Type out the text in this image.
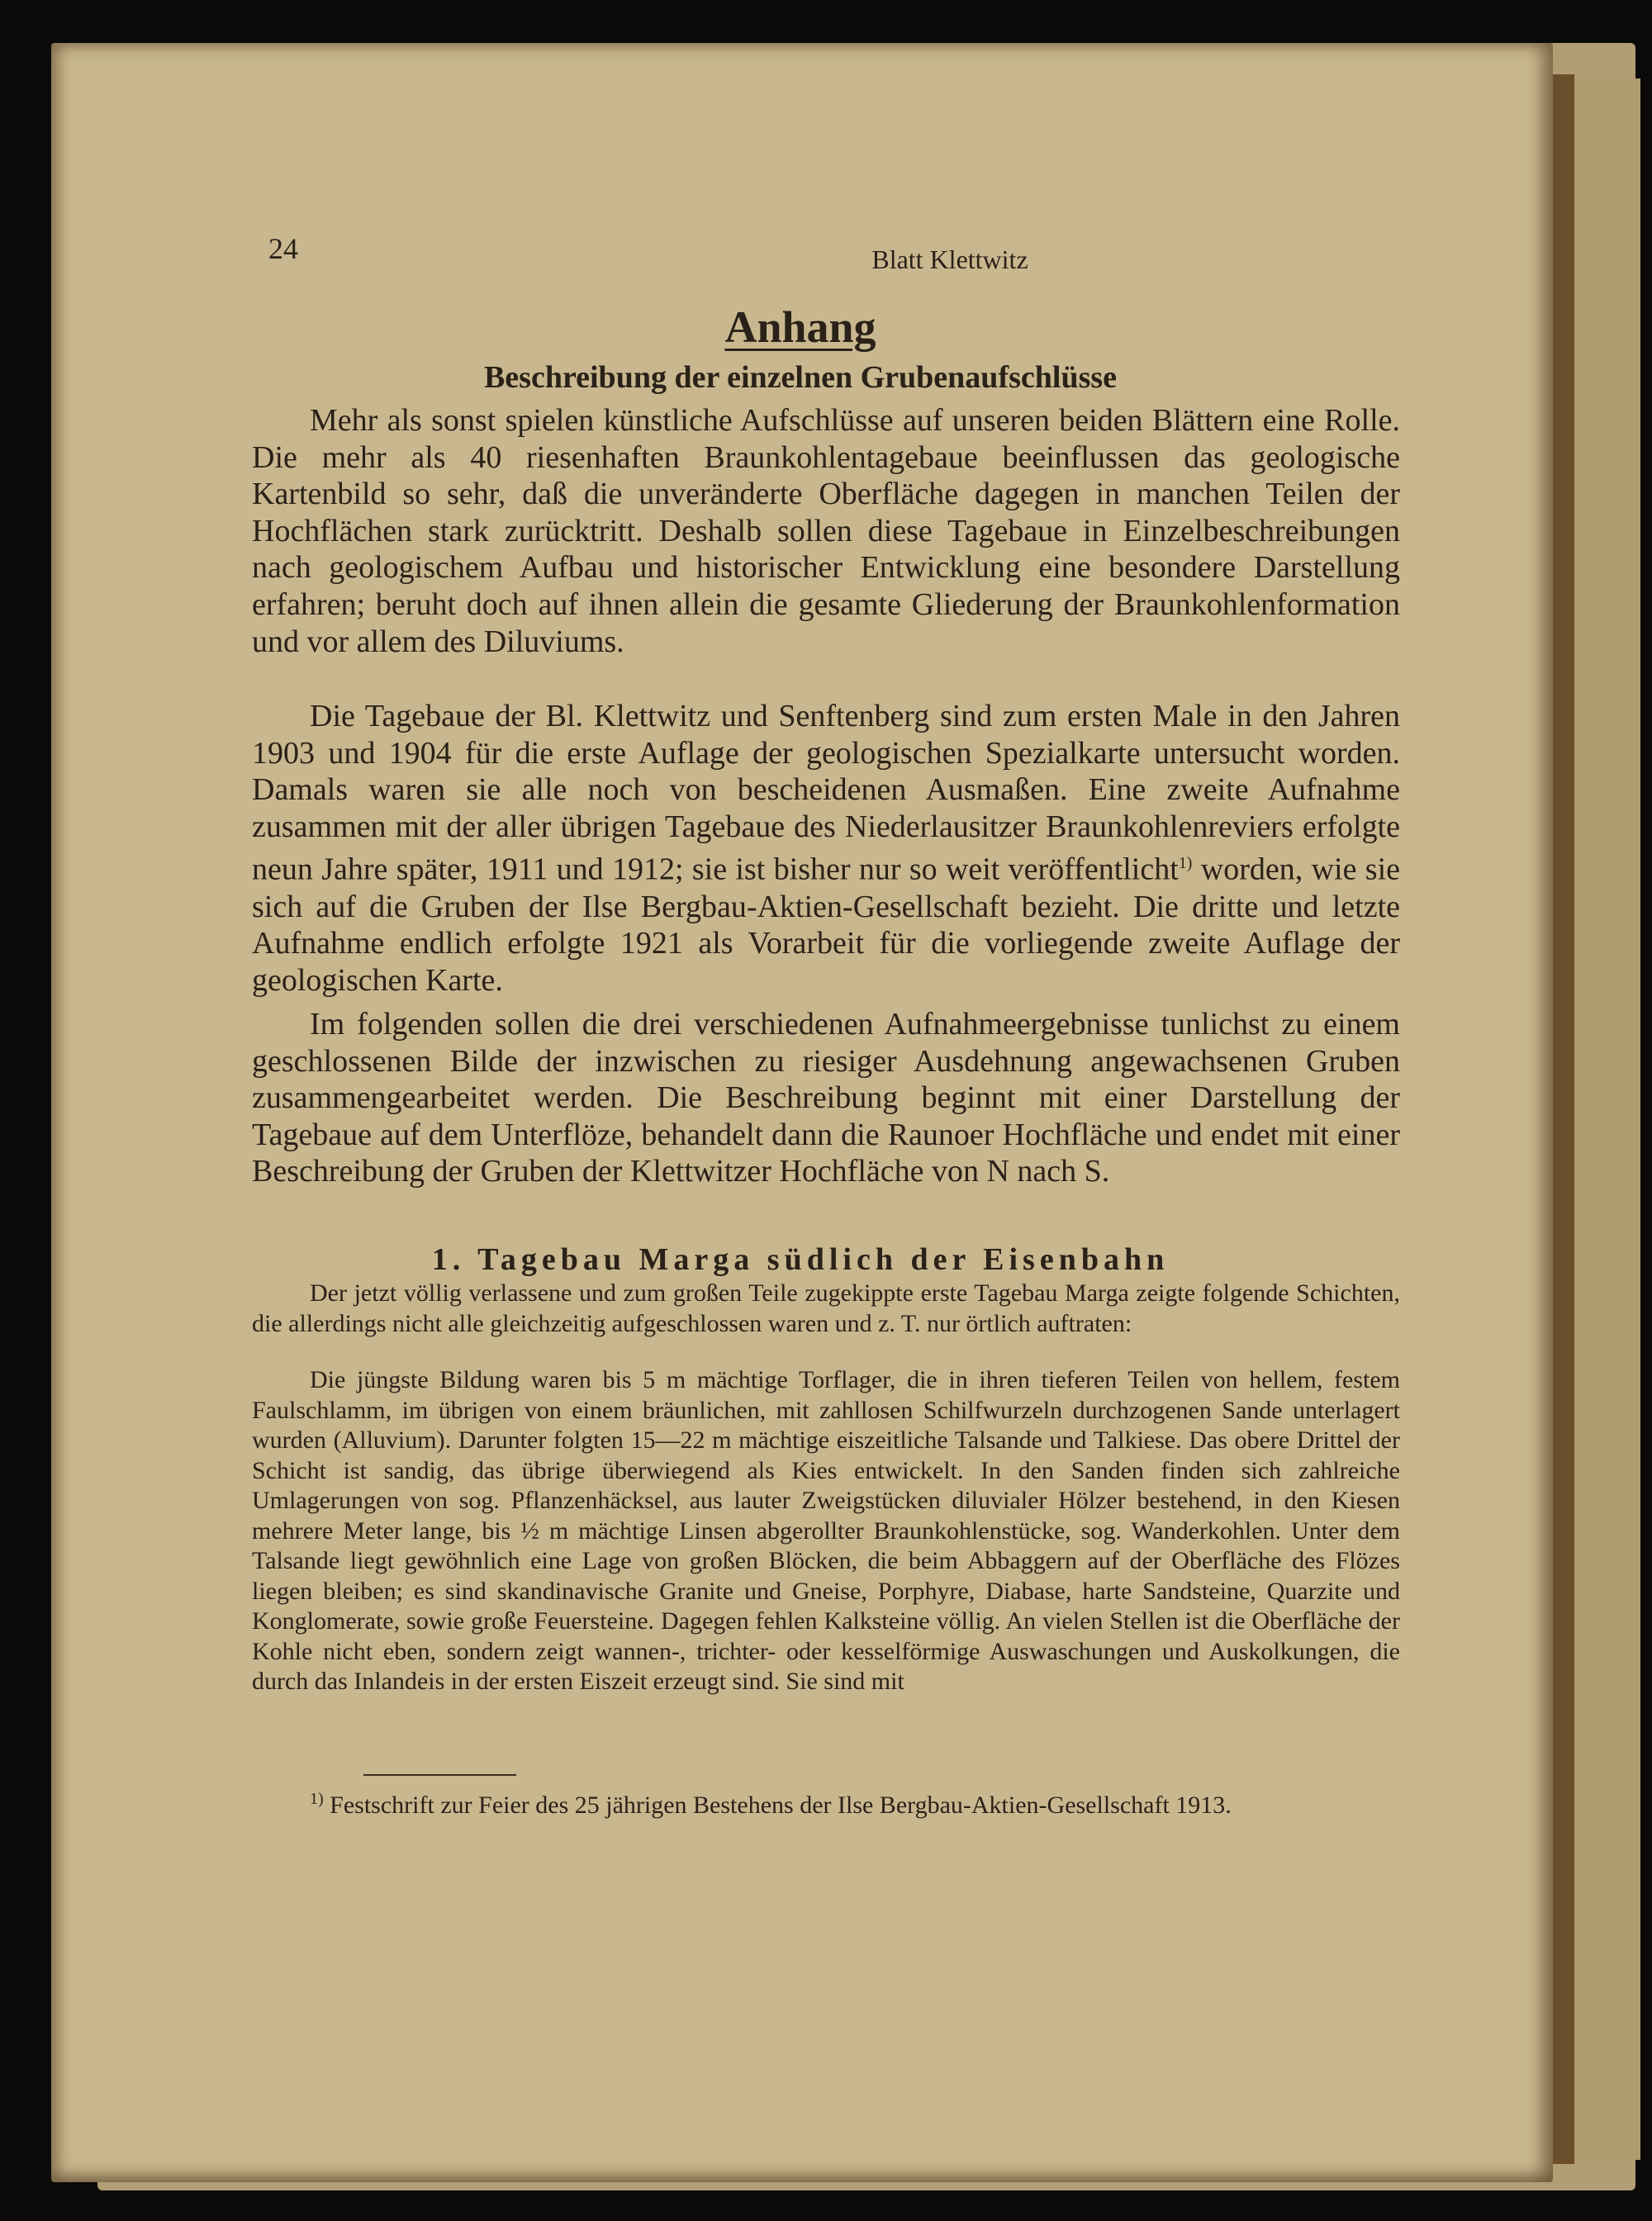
24	Blatt Klettwitz

Anhang
Beschreibung der einzelnen Grubenaufschlüsse

Mehr als sonst spielen künstliche Aufschlüsse auf unseren beiden Blättern eine Rolle. Die mehr als 40 riesenhaften Braunkohlentagebaue beeinflussen das geologische Kartenbild so sehr, daß die unveränderte Oberfläche dagegen in manchen Teilen der Hochflächen stark zurücktritt. Deshalb sollen diese Tagebaue in Einzelbeschreibungen nach geologischem Aufbau und historischer Entwicklung eine besondere Darstellung erfahren; beruht doch auf ihnen allein die gesamte Gliederung der Braunkohlenformation und vor allem des Diluviums.

Die Tagebaue der Bl. Klettwitz und Senftenberg sind zum ersten Male in den Jahren 1903 und 1904 für die erste Auflage der geologischen Spezialkarte untersucht worden. Damals waren sie alle noch von bescheidenen Ausmaßen. Eine zweite Aufnahme zusammen mit der aller übrigen Tagebaue des Niederlausitzer Braunkohlenreviers erfolgte neun Jahre später, 1911 und 1912; sie ist bisher nur so weit veröffentlicht$^{1)}$ worden, wie sie sich auf die Gruben der Ilse Bergbau-Aktien-Gesellschaft bezieht. Die dritte und letzte Aufnahme endlich erfolgte 1921 als Vorarbeit für die vorliegende zweite Auflage der geologischen Karte.

Im folgenden sollen die drei verschiedenen Aufnahmeergebnisse tunlichst zu einem geschlossenen Bilde der inzwischen zu riesiger Ausdehnung angewachsenen Gruben zusammengearbeitet werden. Die Beschreibung beginnt mit einer Darstellung der Tagebaue auf dem Unterflöze, behandelt dann die Raunoer Hochfläche und endet mit einer Beschreibung der Gruben der Klettwitzer Hochfläche von N nach S.

1. Tagebau Marga südlich der Eisenbahn

Der jetzt völlig verlassene und zum großen Teile zugekippte erste Tagebau Marga zeigte folgende Schichten, die allerdings nicht alle gleichzeitig aufgeschlossen waren und z. T. nur örtlich auftraten:

Die jüngste Bildung waren bis 5 m mächtige Torflager, die in ihren tieferen Teilen von hellem, festem Faulschlamm, im übrigen von einem bräunlichen, mit zahllosen Schilfwurzeln durchzogenen Sande unterlagert wurden (Alluvium). Darunter folgten 15—22 m mächtige eiszeitliche Talsande und Talkiese. Das obere Drittel der Schicht ist sandig, das übrige überwiegend als Kies entwickelt. In den Sanden finden sich zahlreiche Umlagerungen von sog. Pflanzenhäcksel, aus lauter Zweigstücken diluvialer Hölzer bestehend, in den Kiesen mehrere Meter lange, bis ½ m mächtige Linsen abgerollter Braunkohlenstücke, sog. Wanderkohlen. Unter dem Talsande liegt gewöhnlich eine Lage von großen Blöcken, die beim Abbaggern auf der Oberfläche des Flözes liegen bleiben; es sind skandinavische Granite und Gneise, Porphyre, Diabase, harte Sandsteine, Quarzite und Konglomerate, sowie große Feuersteine. Dagegen fehlen Kalksteine völlig. An vielen Stellen ist die Oberfläche der Kohle nicht eben, sondern zeigt wannen-, trichter- oder kesselförmige Auswaschungen und Auskolkungen, die durch das Inlandeis in der ersten Eiszeit erzeugt sind. Sie sind mit

$^{1)}$ Festschrift zur Feier des 25 jährigen Bestehens der Ilse Bergbau-Aktien-Gesellschaft 1913.
